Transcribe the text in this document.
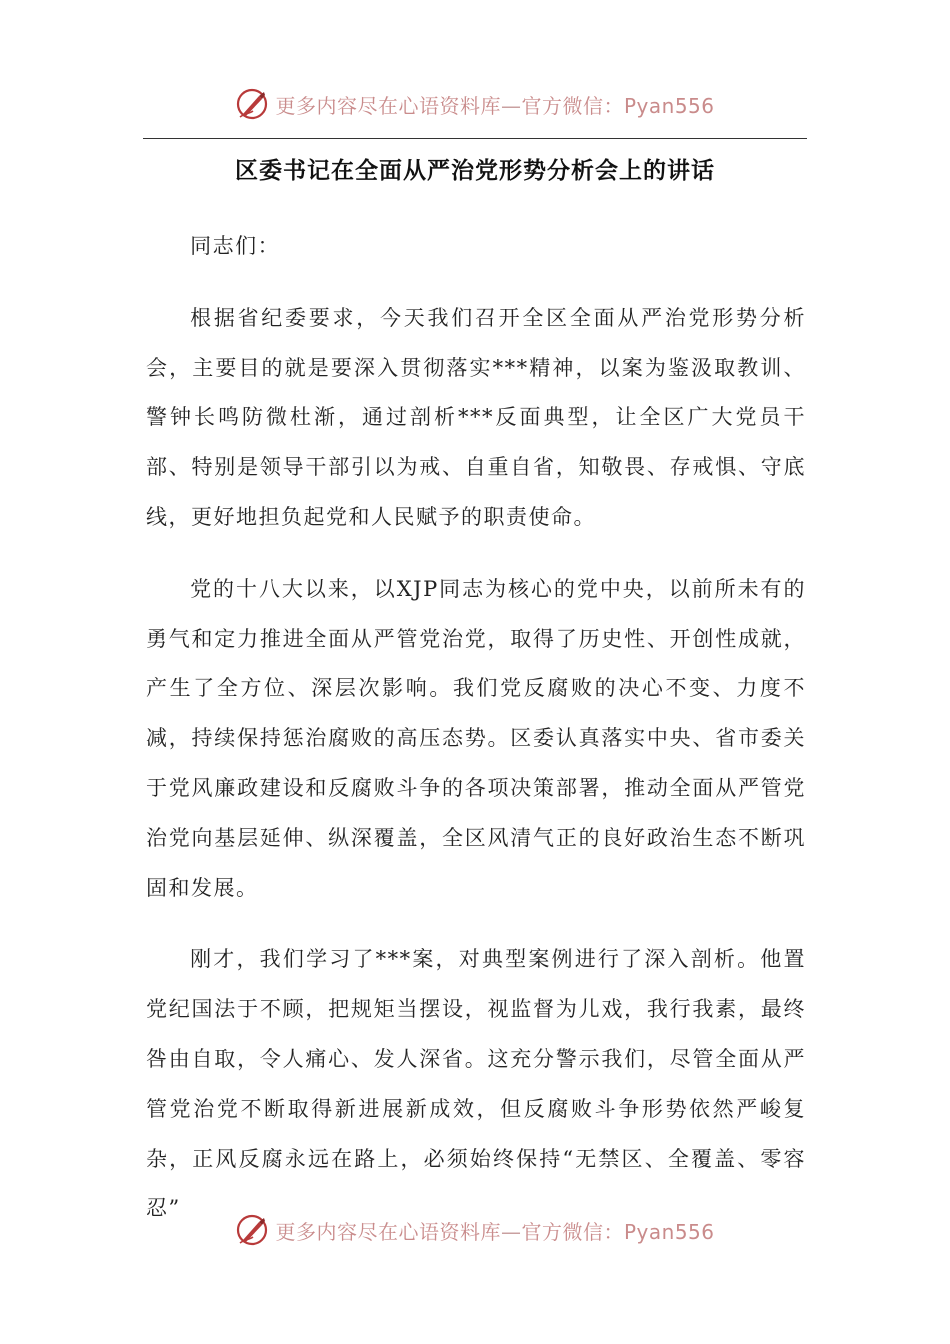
更多内容尽在心语资料库—官方微信：Pyan556
区委书记在全面从严治党形势分析会上的讲话

同志们：

根据省纪委要求，今天我们召开全区全面从严治党形势分析会，主要目的就是要深入贯彻落实***精神，以案为鉴汲取教训、警钟长鸣防微杜渐，通过剖析***反面典型，让全区广大党员干部、特别是领导干部引以为戒、自重自省，知敬畏、存戒惧、守底线，更好地担负起党和人民赋予的职责使命。

党的十八大以来，以XJP同志为核心的党中央，以前所未有的勇气和定力推进全面从严管党治党，取得了历史性、开创性成就，产生了全方位、深层次影响。我们党反腐败的决心不变、力度不减，持续保持惩治腐败的高压态势。区委认真落实中央、省市委关于党风廉政建设和反腐败斗争的各项决策部署，推动全面从严管党治党向基层延伸、纵深覆盖，全区风清气正的良好政治生态不断巩固和发展。

刚才，我们学习了***案，对典型案例进行了深入剖析。他置党纪国法于不顾，把规矩当摆设，视监督为儿戏，我行我素，最终咎由自取，令人痛心、发人深省。这充分警示我们，尽管全面从严管党治党不断取得新进展新成效，但反腐败斗争形势依然严峻复杂，正风反腐永远在路上，必须始终保持“无禁区、全覆盖、零容忍”

更多内容尽在心语资料库—官方微信：Pyan556
